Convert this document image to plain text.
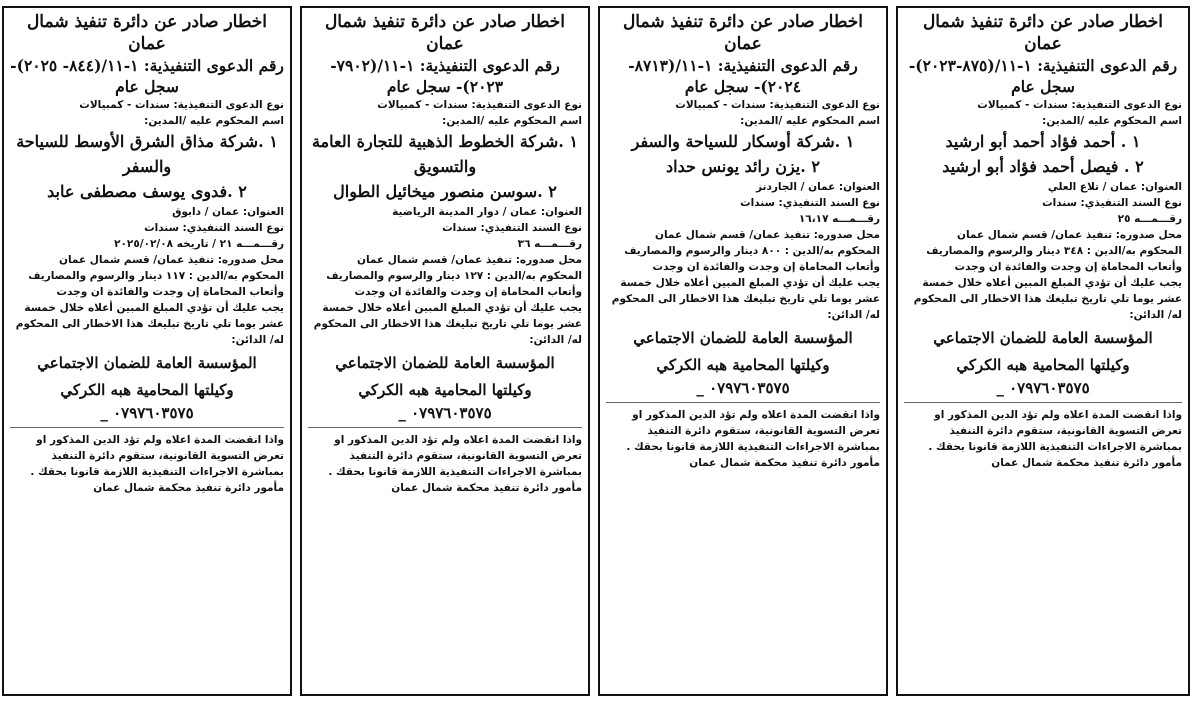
اخطار صادر عن دائرة تنفيذ شمال عمان
رقم الدعوى التنفيذية: ١-١١/(٨٧٥-٢٠٢٣)- سجل عام
نوع الدعوى التنفيذية: سندات - كمبيالات
اسم المحكوم عليه /المدين:
١ . أحمد فؤاد أحمد أبو ارشيد
٢ . فيصل أحمد فؤاد أبو ارشيد
العنوان: عمان / تلاع العلي
نوع السند التنفيذي: سندات
رقـــمـــه ٢٥
محل صدوره: تنفيذ عمان/ قسم شمال عمان
المحكوم به/الدين : ٣٤٨ دينار والرسوم والمصاريف وأتعاب المحاماة إن وجدت والفائدة ان وجدت
يجب عليك أن تؤدي المبلغ المبين أعلاه خلال خمسة عشر يوما تلي تاريخ تبليغك هذا الاخطار الى المحكوم
له/ الدائن:
المؤسسة العامة للضمان الاجتماعي
وكيلتها المحامية هبه الكركي
٠٧٩٧٦٠٣٥٧٥ _
واذا انقضت المدة اعلاه ولم تؤد الدين المذكور او تعرض التسوية القانونية، ستقوم دائرة التنفيذ بمباشرة الاجراءات التنفيذية اللازمة قانونا بحقك .
مأمور دائرة تنفيذ محكمة شمال عمان
اخطار صادر عن دائرة تنفيذ شمال عمان
رقم الدعوى التنفيذية: ١-١١/(٨٧١٣- ٢٠٢٤)- سجل عام
نوع الدعوى التنفيذية: سندات - كمبيالات
اسم المحكوم عليه /المدين:
١ .شركة أوسكار للسياحة والسفر
٢ .يزن رائد يونس حداد
العنوان: عمان / الجاردنز
نوع السند التنفيذي: سندات
رقـــمـــه ١٦،١٧
محل صدوره: تنفيذ عمان/ قسم شمال عمان
المحكوم به/الدين : ٨٠٠ دينار والرسوم والمصاريف وأتعاب المحاماة إن وجدت والفائدة ان وجدت
يجب عليك أن تؤدي المبلغ المبين أعلاه خلال خمسة عشر يوما تلي تاريخ تبليغك هذا الاخطار الى المحكوم
له/ الدائن:
المؤسسة العامة للضمان الاجتماعي
وكيلتها المحامية هبه الكركي
٠٧٩٧٦٠٣٥٧٥ _
واذا انقضت المدة اعلاه ولم تؤد الدين المذكور او تعرض التسوية القانونية، ستقوم دائرة التنفيذ بمباشرة الاجراءات التنفيذية اللازمة قانونا بحقك .
مأمور دائرة تنفيذ محكمة شمال عمان
اخطار صادر عن دائرة تنفيذ شمال عمان
رقم الدعوى التنفيذية: ١-١١/(٧٩٠٢- ٢٠٢٣)- سجل عام
نوع الدعوى التنفيذية: سندات - كمبيالات
اسم المحكوم عليه /المدين:
١ .شركة الخطوط الذهبية للتجارة العامة والتسويق
٢ .سوسن منصور ميخائيل الطوال
العنوان: عمان / دوار المدينة الرياضية
نوع السند التنفيذي: سندات
رقـــمـــه ٣٦
محل صدوره: تنفيذ عمان/ قسم شمال عمان
المحكوم به/الدين : ١٢٧ دينار والرسوم والمصاريف وأتعاب المحاماة إن وجدت والفائدة ان وجدت
يجب عليك أن تؤدي المبلغ المبين أعلاه خلال خمسة عشر يوما تلي تاريخ تبليغك هذا الاخطار الى المحكوم
له/ الدائن:
المؤسسة العامة للضمان الاجتماعي
وكيلتها المحامية هبه الكركي
٠٧٩٧٦٠٣٥٧٥ _
واذا انقضت المدة اعلاه ولم تؤد الدين المذكور او تعرض التسوية القانونية، ستقوم دائرة التنفيذ بمباشرة الاجراءات التنفيذية اللازمة قانونا بحقك .
مأمور دائرة تنفيذ محكمة شمال عمان
اخطار صادر عن دائرة تنفيذ شمال عمان
رقم الدعوى التنفيذية: ١-١١/(٨٤٤- ٢٠٢٥)- سجل عام
نوع الدعوى التنفيذية: سندات - كمبيالات
اسم المحكوم عليه /المدين:
١ .شركة مذاق الشرق الأوسط للسياحة والسفر
٢ .فدوى يوسف مصطفى عابد
العنوان: عمان / دابوق
نوع السند التنفيذي: سندات
رقـــمـــه ٢١ / تاريخه ٢٠٢٥/٠٢/٠٨
محل صدوره: تنفيذ عمان/ قسم شمال عمان
المحكوم به/الدين : ١١٧ دينار والرسوم والمصاريف وأتعاب المحاماة إن وجدت والفائدة ان وجدت
يجب عليك أن تؤدي المبلغ المبين أعلاه خلال خمسة عشر يوما تلي تاريخ تبليغك هذا الاخطار الى المحكوم
له/ الدائن:
المؤسسة العامة للضمان الاجتماعي
وكيلتها المحامية هبه الكركي
٠٧٩٧٦٠٣٥٧٥ _
واذا انقضت المدة اعلاه ولم تؤد الدين المذكور او تعرض التسوية القانونية، ستقوم دائرة التنفيذ بمباشرة الاجراءات التنفيذية اللازمة قانونا بحقك .
مأمور دائرة تنفيذ محكمة شمال عمان
